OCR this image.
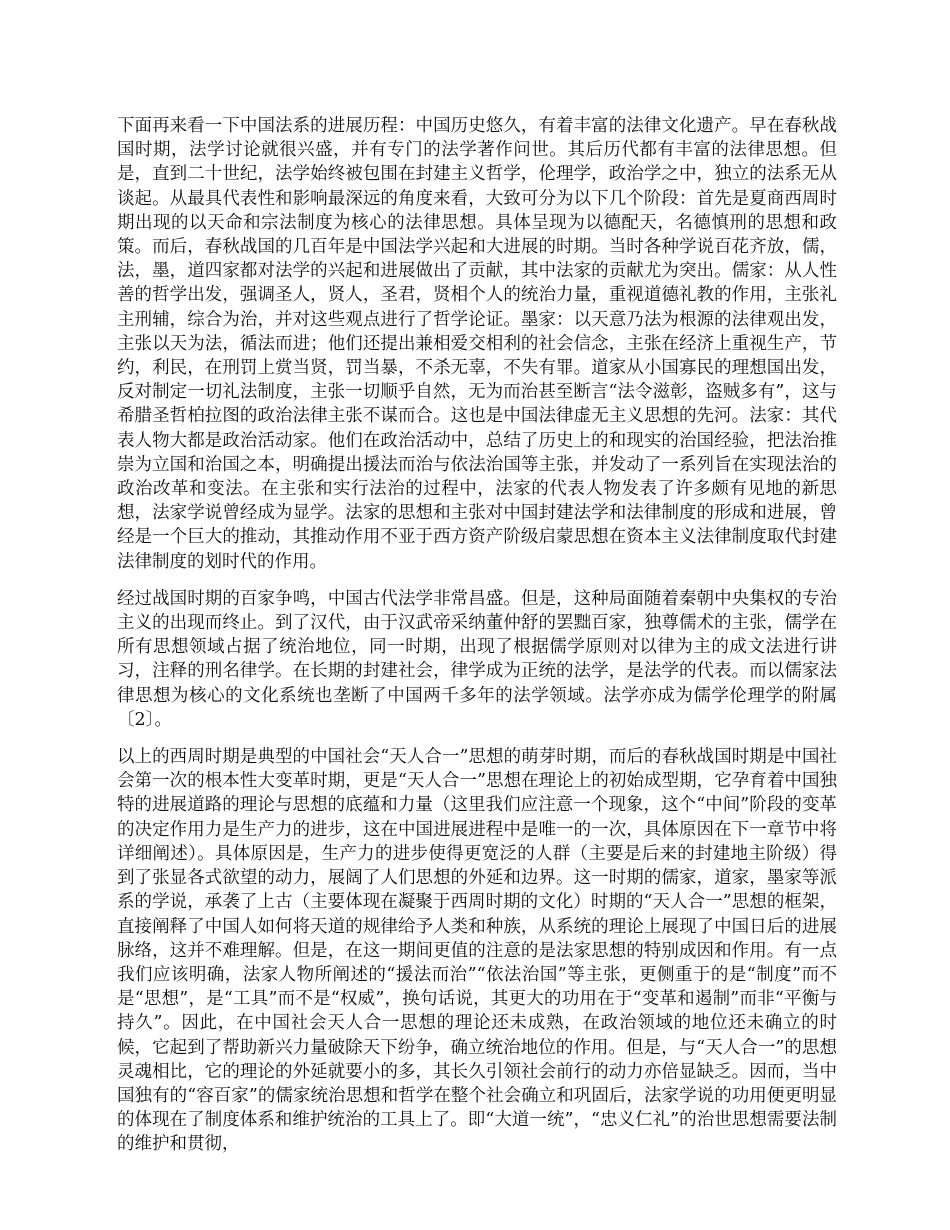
下面再来看一下中国法系的进展历程：中国历史悠久，有着丰富的法律文化遗产。早在春秋战国时期，法学讨论就很兴盛，并有专门的法学著作问世。其后历代都有丰富的法律思想。但是，直到二十世纪，法学始终被包围在封建主义哲学，伦理学，政治学之中，独立的法系无从谈起。从最具代表性和影响最深远的角度来看，大致可分为以下几个阶段：首先是夏商西周时期出现的以天命和宗法制度为核心的法律思想。具体呈现为以德配天，名德慎刑的思想和政策。而后，春秋战国的几百年是中国法学兴起和大进展的时期。当时各种学说百花齐放，儒，法，墨，道四家都对法学的兴起和进展做出了贡献，其中法家的贡献尤为突出。儒家：从人性善的哲学出发，强调圣人，贤人，圣君，贤相个人的统治力量，重视道德礼教的作用，主张礼主刑辅，综合为治，并对这些观点进行了哲学论证。墨家：以天意乃法为根源的法律观出发，主张以天为法，循法而进；他们还提出兼相爱交相利的社会信念，主张在经济上重视生产，节约，利民，在刑罚上赏当贤，罚当暴，不杀无辜，不失有罪。道家从小国寡民的理想国出发，反对制定一切礼法制度，主张一切顺乎自然，无为而治甚至断言“法令滋彰，盗贼多有”，这与希腊圣哲柏拉图的政治法律主张不谋而合。这也是中国法律虚无主义思想的先河。法家：其代表人物大都是政治活动家。他们在政治活动中，总结了历史上的和现实的治国经验，把法治推崇为立国和治国之本，明确提出援法而治与依法治国等主张，并发动了一系列旨在实现法治的政治改革和变法。在主张和实行法治的过程中，法家的代表人物发表了许多颇有见地的新思想，法家学说曾经成为显学。法家的思想和主张对中国封建法学和法律制度的形成和进展，曾经是一个巨大的推动，其推动作用不亚于西方资产阶级启蒙思想在资本主义法律制度取代封建法律制度的划时代的作用。

经过战国时期的百家争鸣，中国古代法学非常昌盛。但是，这种局面随着秦朝中央集权的专治主义的出现而终止。到了汉代，由于汉武帝采纳董仲舒的罢黜百家，独尊儒术的主张，儒学在所有思想领域占据了统治地位，同一时期，出现了根据儒学原则对以律为主的成文法进行讲习，注释的刑名律学。在长期的封建社会，律学成为正统的法学，是法学的代表。而以儒家法律思想为核心的文化系统也垄断了中国两千多年的法学领域。法学亦成为儒学伦理学的附属〔2〕。

以上的西周时期是典型的中国社会“天人合一”思想的萌芽时期，而后的春秋战国时期是中国社会第一次的根本性大变革时期，更是“天人合一”思想在理论上的初始成型期，它孕育着中国独特的进展道路的理论与思想的底蕴和力量（这里我们应注意一个现象，这个“中间”阶段的变革的决定作用力是生产力的进步，这在中国进展进程中是唯一的一次，具体原因在下一章节中将详细阐述）。具体原因是，生产力的进步使得更宽泛的人群（主要是后来的封建地主阶级）得到了张显各式欲望的动力，展阔了人们思想的外延和边界。这一时期的儒家，道家，墨家等派系的学说，承袭了上古（主要体现在凝聚于西周时期的文化）时期的“天人合一”思想的框架，直接阐释了中国人如何将天道的规律给予人类和种族，从系统的理论上展现了中国日后的进展脉络，这并不难理解。但是，在这一期间更值的注意的是法家思想的特别成因和作用。有一点我们应该明确，法家人物所阐述的“援法而治”“依法治国”等主张，更侧重于的是“制度”而不是“思想”，是“工具”而不是“权威”，换句话说，其更大的功用在于“变革和遏制”而非“平衡与持久”。因此，在中国社会天人合一思想的理论还未成熟，在政治领域的地位还未确立的时候，它起到了帮助新兴力量破除天下纷争，确立统治地位的作用。但是，与“天人合一”的思想灵魂相比，它的理论的外延就要小的多，其长久引领社会前行的动力亦倍显缺乏。因而，当中国独有的“容百家”的儒家统治思想和哲学在整个社会确立和巩固后，法家学说的功用便更明显的体现在了制度体系和维护统治的工具上了。即“大道一统”，“忠义仁礼”的治世思想需要法制的维护和贯彻，
